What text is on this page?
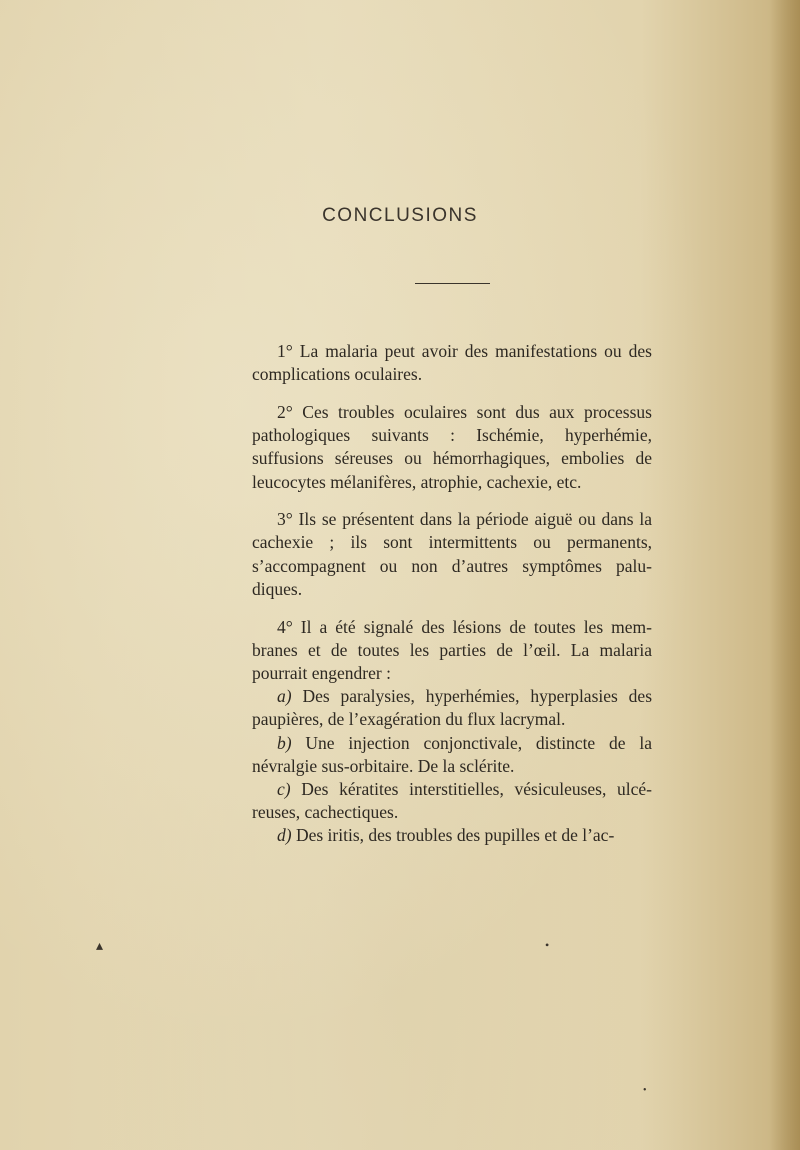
CONCLUSIONS

1° La malaria peut avoir des manifestations ou des complications oculaires.

2° Ces troubles oculaires sont dus aux processus pathologiques suivants : Ischémie, hyperhémie, suffusions séreuses ou hémorrhagiques, embolies de leucocytes mélanifères, atrophie, cachexie, etc.

3° Ils se présentent dans la période aiguë ou dans la cachexie ; ils sont intermittents ou permanents, s’accompagnent ou non d’autres symptômes palu-diques.

4° Il a été signalé des lésions de toutes les mem-branes et de toutes les parties de l’œil. La malaria pourrait engendrer :

a) Des paralysies, hyperhémies, hyperplasies des paupières, de l’exagération du flux lacrymal.

b) Une injection conjonctivale, distincte de la névralgie sus-orbitaire. De la sclérite.

c) Des kératites interstitielles, vésiculeuses, ulcé-reuses, cachectiques.

d) Des iritis, des troubles des pupilles et de l’ac-

▴	•
•
